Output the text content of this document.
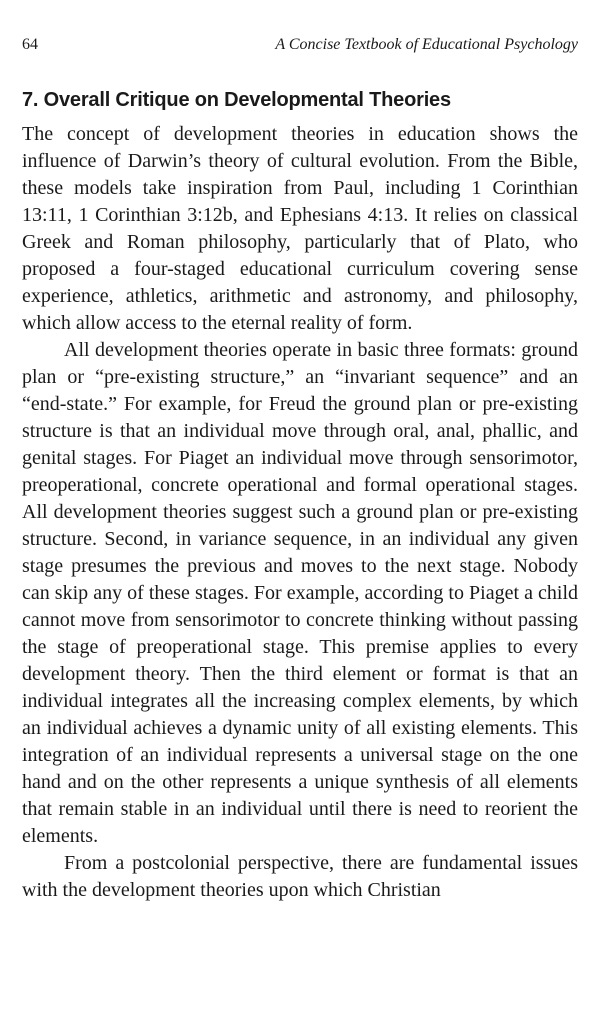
64	A Concise Textbook of Educational Psychology
7. Overall Critique on Developmental Theories

The concept of development theories in education shows the influence of Darwin’s theory of cultural evolution. From the Bible, these models take inspiration from Paul, including 1 Corinthian 13:11, 1 Corinthian 3:12b, and Ephesians 4:13. It relies on classical Greek and Roman philosophy, particularly that of Plato, who proposed a four-staged educational curriculum covering sense experience, athletics, arithmetic and astronomy, and philosophy, which allow access to the eternal reality of form.

All development theories operate in basic three formats: ground plan or “pre-existing structure,” an “invariant sequence” and an “end-state.” For example, for Freud the ground plan or pre-existing structure is that an individual move through oral, anal, phallic, and genital stages. For Piaget an individual move through sensorimotor, preoperational, concrete operational and formal operational stages. All development theories suggest such a ground plan or pre-existing structure. Second, in variance sequence, in an individual any given stage presumes the previous and moves to the next stage. Nobody can skip any of these stages. For example, according to Piaget a child cannot move from sensorimotor to concrete thinking without passing the stage of preoperational stage. This premise applies to every development theory. Then the third element or format is that an individual integrates all the increasing complex elements, by which an individual achieves a dynamic unity of all existing elements. This integration of an individual represents a universal stage on the one hand and on the other represents a unique synthesis of all elements that remain stable in an individual until there is need to reorient the elements.

From a postcolonial perspective, there are fundamental issues with the development theories upon which Christian
